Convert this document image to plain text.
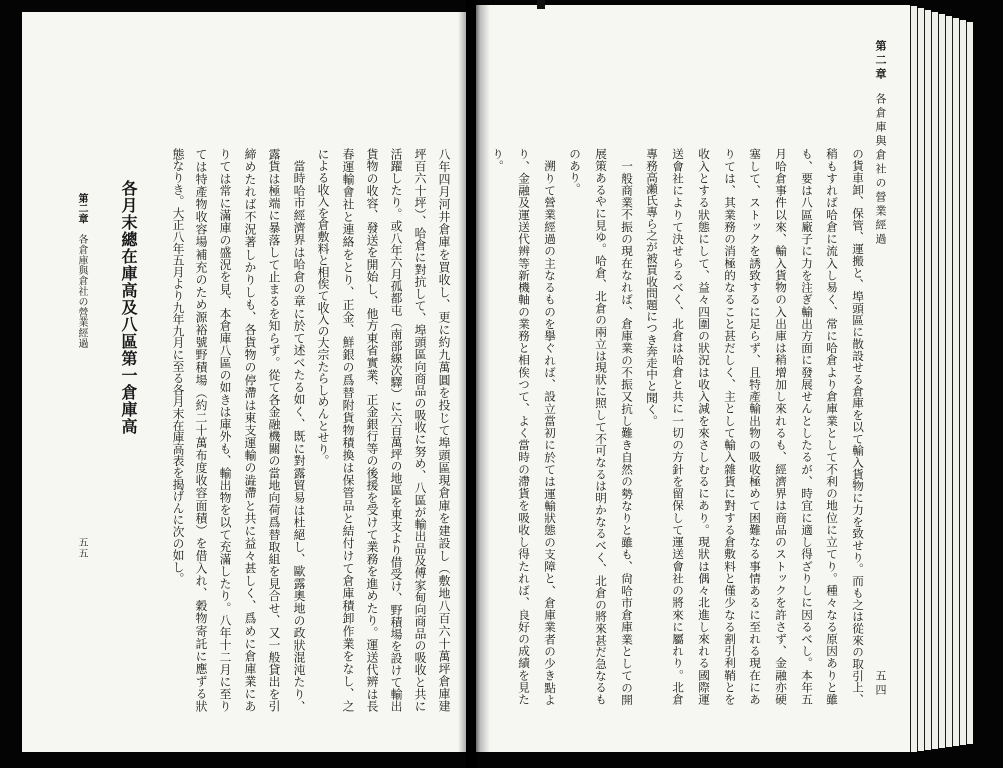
第二章各倉庫與倉社の營業經過
五五
各月末總在庫高及八區第一倉庫高	八年四月河井倉庫を買收し、更に約九萬圓を投じて埠頭區現倉庫を建設し（敷地八百六十萬坪倉庫建
坪百六十坪）、哈倉に對抗して、埠頭區向商品の吸收に努め、八區が輸出品及傅家甸向商品の吸收と共に
活躍したり。或八年六月孤都屯（南部線次驛）に六百萬坪の地區を東支より借受け、野積場を設けて輸出
貨物の收容、發送を開始し、他方東省實業、正金銀行等の後援を受けて業務を進めたり。運送代辨は長
春運輸會社と連絡をとり、正金、鮮銀の爲替附貨物積換は保管品と結付けて倉庫積卸作業をなし、之
による收入を倉敷料と相俟て收入の大宗たらしめんとせり。
當時哈市經濟界は哈倉の章に於て述べたる如く、既に對露貿易は杜絕し、歐露奧地の政狀混沌たり、
露貨は極端に暴落して止まるを知らず。從て各金融機關の當地向荷爲替取組を見合せ、又一般貸出を引
締めたれば不況著しかりしも、各貨物の停滯は東支運輸の澁滯と共に益々甚しく、爲めに倉庫業にあ
りては常に滿庫の盛況を見、本倉庫八區の如きは庫外も、輸出物を以て充滿したり。八年十二月に至り
ては特產物收容場補充のため源裕號野積場（約二十萬布度收容面積）を借入れ、穀物寄託に應ずる狀
態なりき。大正八年五月より九年九月に至る各月末在庫高表を揭げんに次の如し。
第二章各倉庫與倉社の營業經過
五四
の貨車卸、保管、運搬と、埠頭區に散設せる倉庫を以て輸入貨物に力を致せり。而も之は從來の取引上、
稍もすれば哈倉に流入し易く、常に哈倉より倉庫業として不利の地位に立てり。種々なる原因ありと雖
も、要は八區廠子に力を注ぎ輸出方面に發展せんとしたるが、時宜に適し得ざりしに因るべし。本年五
月哈倉事件以來、輸入貨物の入出庫は稍增加し來れるも、經濟界は商品のストックを許さず、金融亦硬
塞して、ストックを誘致するに足らず、且特產輸出物の吸收極めて困難なる事情あるに至れる現在にあ
りては、其業務の消極的なること甚だしく、主として輸入雜貨に對する倉敷料と僅少なる割引利鞘とを
收入とする狀態にして、益々四圍の狀況は收入減を來さしむるにあり。現狀は偶々北進し來れる國際運
送會社によりて決せらるべく、北倉は哈倉と共に一切の方針を留保して運送會社の將來に屬れり。北倉
專務高瀨氏專ら之が被買收問題につき奔走中と聞く。
一般商業不振の現在なれば、倉庫業の不振又抗し難き自然の勢なりと雖も、尙哈市倉庫業としての開
展策あるやに見ゆ。哈倉、北倉の兩立は現狀に照して不可なるは明かなるべく、北倉の將來甚だ急なるも
のあり。
溯りて營業經過の主なるものを擧ぐれば、設立當初に於ては運輸狀態の支障と、倉庫業者の少き點よ
り、金融及運送代辨等新機軸の業務と相俟つて、よく當時の滯貨を吸收し得たれば、良好の成績を見た
り。
